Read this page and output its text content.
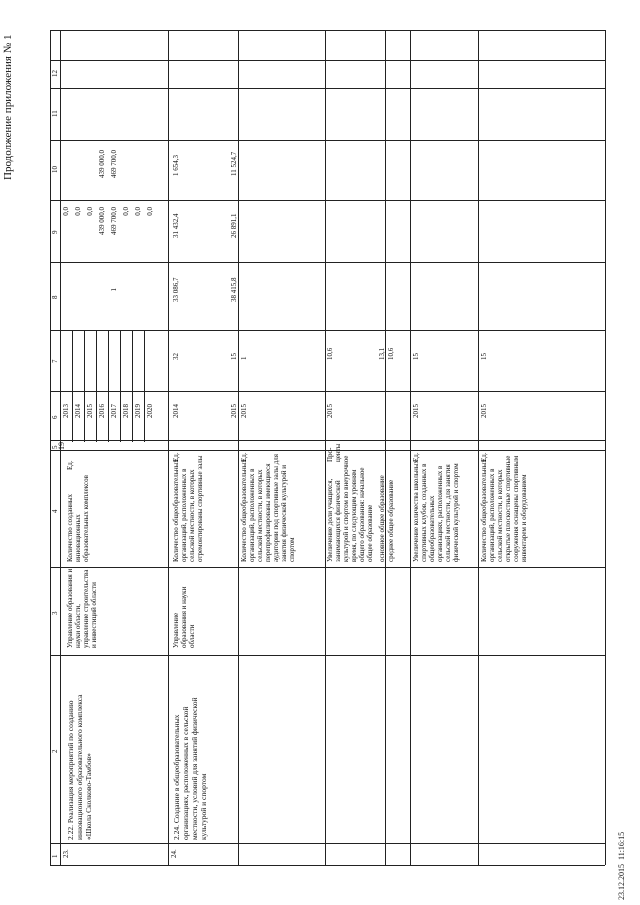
19
Продолжение приложения № 1
23.12.2015  11:16:15
1
2
3
4
5
6
7
8
9
10
11
12
23.
2.22. Реализация мероприятий по созданию инновационного образовательного комплекса «Школа Сколково-Тамбов»
Управление образования и науки области, управление строительства и инвестиций области
Количество созданных инновационных образовательных комплексов
Ед.
2013
0,0
2014
0,0
2015
0,0
2016
439 000,0
439 000,0
2017
1
469 700,0
469 700,0
2018
0,0
2019
0,0
2020
0,0
24.
2.24. Создание в общеобразовательных организациях, расположенных в сельской местности, условий для занятий физической культурой и спортом
Управление образования и науки области
Количество общеобразовательных организаций, расположенных в сельской местности, в которых отремонтированы спортивные залы
Ед.
2014
32
33 086,7
31 432,4
1 654,3
2015
15
38 415,8
26 891,1
11 524,7
Количество общеобразовательных организаций, расположенных в сельской местности, в которых перепрофилированы имеющиеся аудитории под спортивные залы для занятия физической культурой и спортом
Ед.
2015
1
Увеличение доли учащихся, занимающихся физической культурой и спортом во внеурочное время, по следующим уровням общего образования: начальное общее образование
Про-центы
2015
10,6
основное общее образование
13,1
среднее общее образование
10,6
Увеличение количества школьных спортивных клубов, созданных в общеобразовательных организациях, расположенных в сельской местности, для занятия физической культурой и спортом
Ед.
2015
15
Количество общеобразовательных организаций, расположенных в сельской местности, в которых открытые плоскостные спортивные сооружения оснащены спортивным инвентарем и оборудованием
Ед.
2015
15
